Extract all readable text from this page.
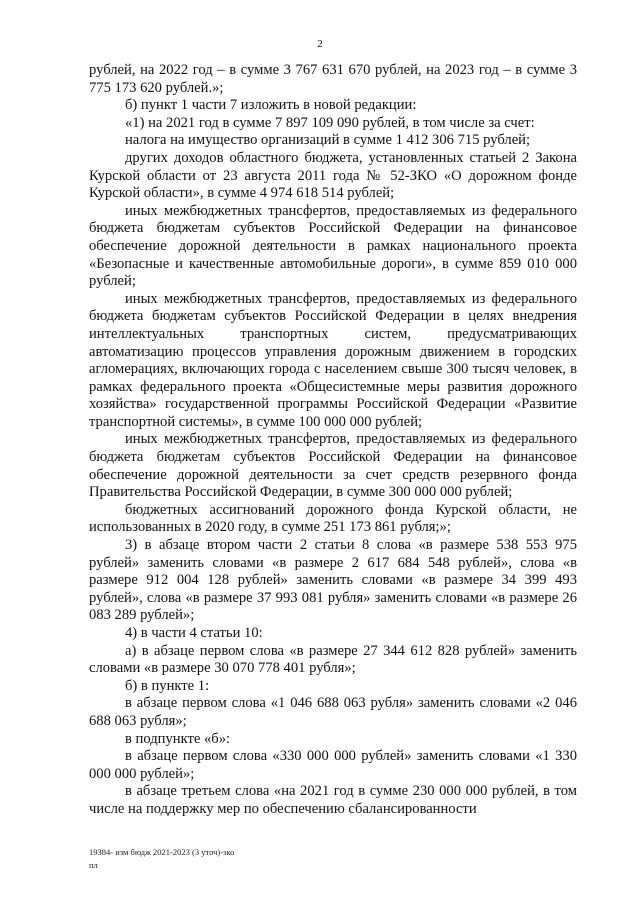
2

рублей, на 2022 год – в сумме 3 767 631 670 рублей, на 2023 год – в сумме 3 775 173 620 рублей.»;

б) пункт 1 части 7 изложить в новой редакции:

«1) на 2021 год в сумме 7 897 109 090 рублей, в том числе за счет:

налога на имущество организаций в сумме 1 412 306 715 рублей;

других доходов областного бюджета, установленных статьей 2 Закона Курской области от 23 августа 2011 года № 52-ЗКО «О дорожном фонде Курской области», в сумме 4 974 618 514 рублей;

иных межбюджетных трансфертов, предоставляемых из федерального бюджета бюджетам субъектов Российской Федерации на финансовое обеспечение дорожной деятельности в рамках национального проекта «Безопасные и качественные автомобильные дороги», в сумме 859 010 000 рублей;

иных межбюджетных трансфертов, предоставляемых из федерального бюджета бюджетам субъектов Российской Федерации в целях внедрения интеллектуальных транспортных систем, предусматривающих автоматизацию процессов управления дорожным движением в городских агломерациях, включающих города с населением свыше 300 тысяч человек, в рамках федерального проекта «Общесистемные меры развития дорожного хозяйства» государственной программы Российской Федерации «Развитие транспортной системы», в сумме 100 000 000 рублей;

иных межбюджетных трансфертов, предоставляемых из федерального бюджета бюджетам субъектов Российской Федерации на финансовое обеспечение дорожной деятельности за счет средств резервного фонда Правительства Российской Федерации, в сумме 300 000 000 рублей;

бюджетных ассигнований дорожного фонда Курской области, не использованных в 2020 году, в сумме 251 173 861 рубля;»;

3) в абзаце втором части 2 статьи 8 слова «в размере 538 553 975 рублей» заменить словами «в размере 2 617 684 548 рублей», слова «в размере 912 004 128 рублей» заменить словами «в размере 34 399 493 рублей», слова «в размере 37 993 081 рубля» заменить словами «в размере 26 083 289 рублей»;

4) в части 4 статьи 10:

а) в абзаце первом слова «в размере 27 344 612 828 рублей» заменить словами «в размере 30 070 778 401 рубля»;

б) в пункте 1:

в абзаце первом слова «1 046 688 063 рубля» заменить словами «2 046 688 063 рубля»;

в подпункте «б»:

в абзаце первом слова «330 000 000 рублей» заменить словами «1 330 000 000 рублей»;

в абзаце третьем слова «на 2021 год в сумме 230 000 000 рублей, в том числе на поддержку мер по обеспечению сбалансированности

19384- изм бюдж 2021-2023 (3 уточ)-зко
пл
